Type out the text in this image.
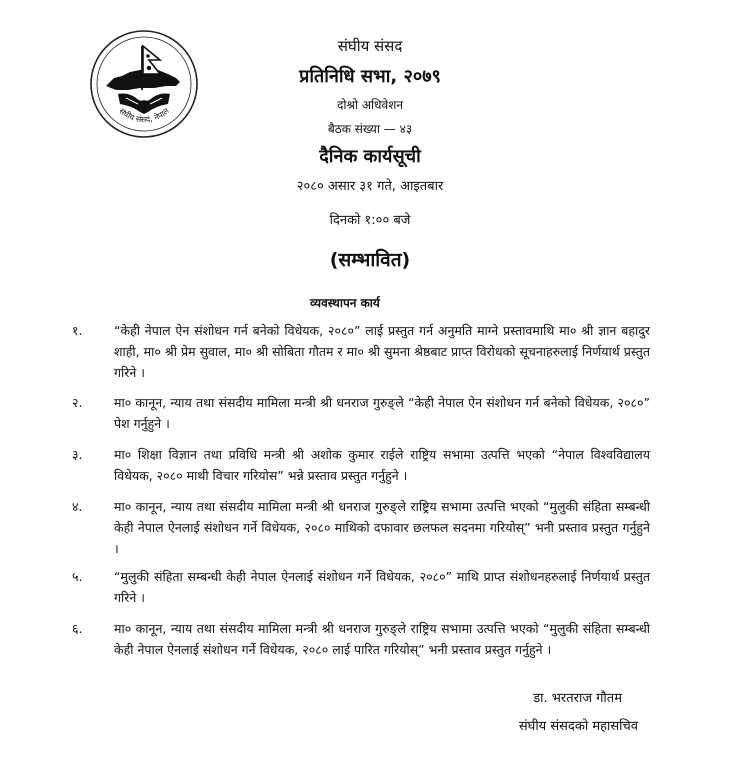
संघीय संसद, नेपाल
संघीय संसद
प्रतिनिधि सभा, २०७९
दोश्रो अधिवेशन
बैठक संख्या — ४३
दैनिक कार्यसूची
२०८० असार ३१ गते, आइतबार
दिनको १:०० बजे
(सम्भावित)
व्यवस्थापन कार्य
१.	“केही नेपाल ऐन संशोधन गर्न बनेको विधेयक, २०८०” लाई प्रस्तुत गर्न अनुमति माग्ने प्रस्तावमाथि मा० श्री ज्ञान बहादुर शाही, मा० श्री प्रेम सुवाल, मा० श्री सोबिता गौतम र मा० श्री सुमना श्रेष्ठबाट प्राप्त विरोधको सूचनाहरुलाई निर्णयार्थ प्रस्तुत गरिने ।
२.	मा० कानून, न्याय तथा संसदीय मामिला मन्त्री श्री धनराज गुरुङ्ले “केही नेपाल ऐन संशोधन गर्न बनेको विधेयक, २०८०” पेश गर्नुहुने ।
३.	मा० शिक्षा विज्ञान तथा प्रविधि मन्त्री श्री अशोक कुमार राईले राष्ट्रिय सभामा उत्पत्ति भएको “नेपाल विश्वविद्यालय विधेयक, २०८० माथी विचार गरियोस” भन्ने प्रस्ताव प्रस्तुत गर्नुहुने ।
४.	मा० कानून, न्याय तथा संसदीय मामिला मन्त्री श्री धनराज गुरुङ्ले राष्ट्रिय सभामा उत्पत्ति भएको “मुलुकी संहिता सम्बन्धी केही नेपाल ऐनलाई संशोधन गर्ने विधेयक, २०८० माथिको दफावार छलफल सदनमा गरियोस्” भनी प्रस्ताव प्रस्तुत गर्नुहुने ।
५.	“मुलुकी संहिता सम्बन्धी केही नेपाल ऐनलाई संशोधन गर्ने विधेयक, २०८०” माथि प्राप्त संशोधनहरुलाई निर्णयार्थ प्रस्तुत गरिने ।
६.	मा० कानून, न्याय तथा संसदीय मामिला मन्त्री श्री धनराज गुरुङ्ले राष्ट्रिय सभामा उत्पत्ति भएको “मुलुकी संहिता सम्बन्धी केही नेपाल ऐनलाई संशोधन गर्ने विधेयक, २०८० लाई पारित गरियोस्” भनी प्रस्ताव प्रस्तुत गर्नुहुने ।
डा. भरतराज गौतम
संघीय संसदको महासचिव
